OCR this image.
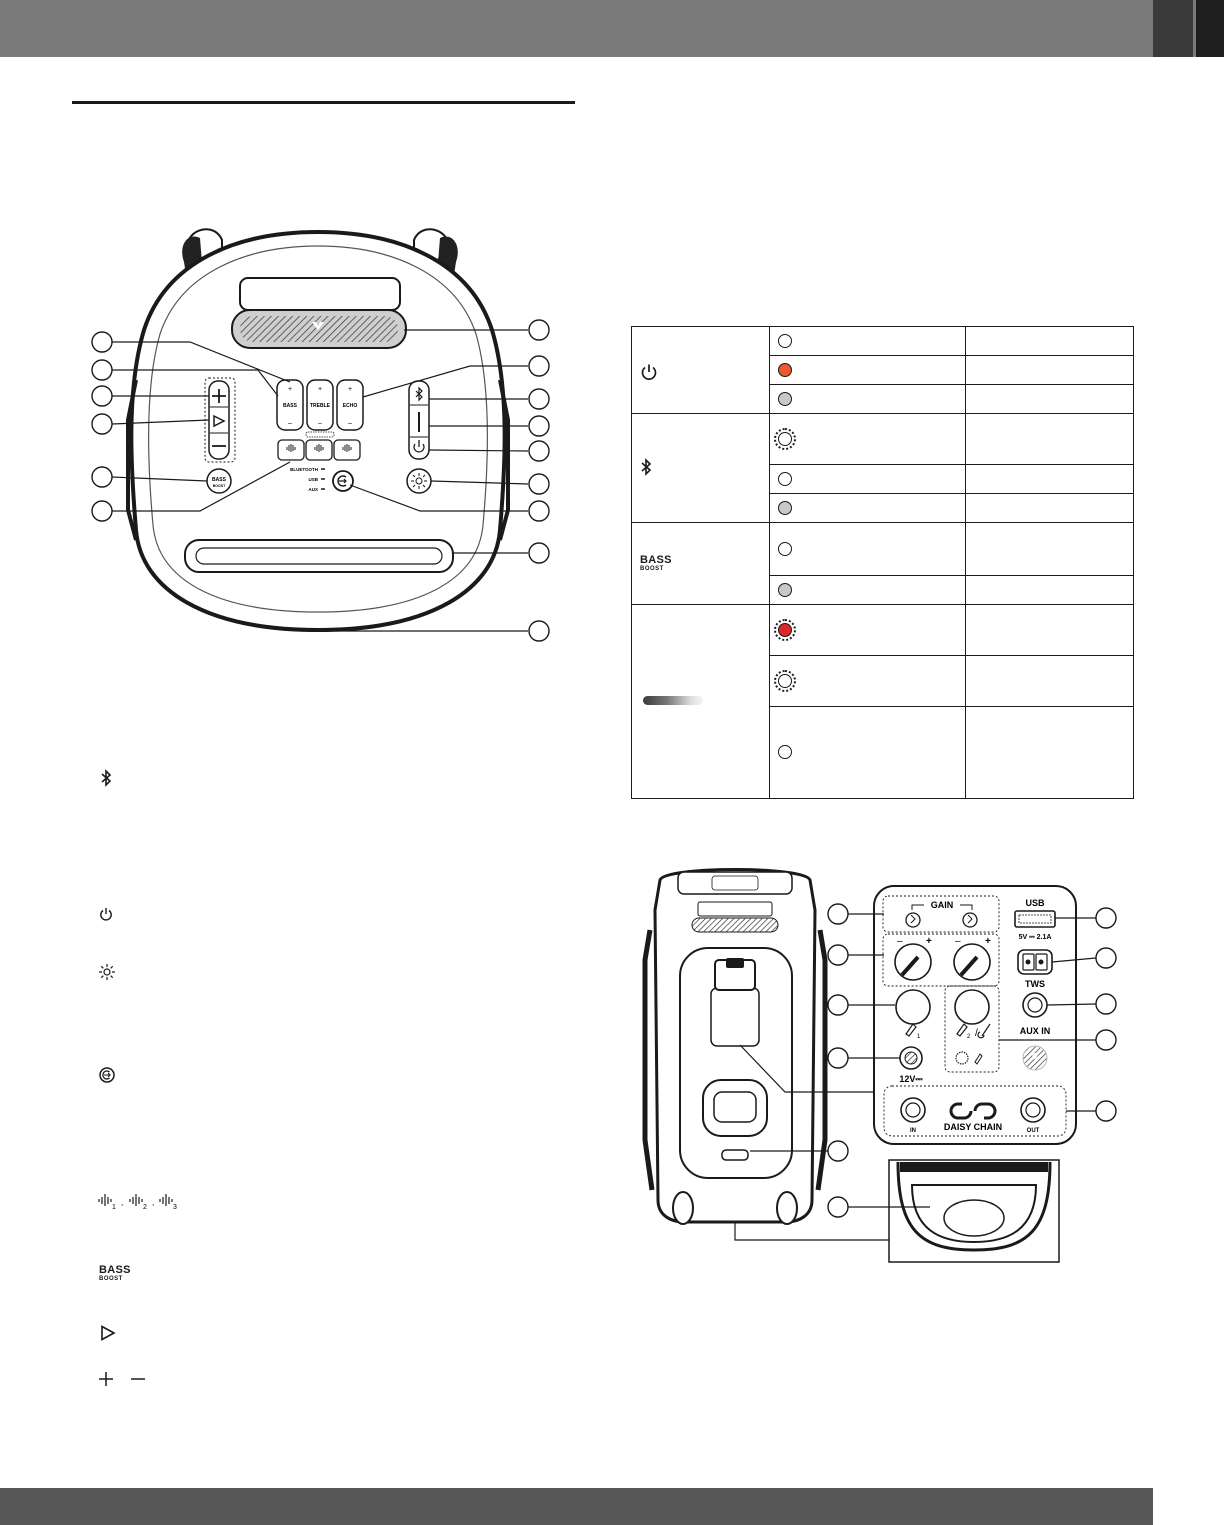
+	+	+
BASS	TREBLE	ECHO
–	–	–
BASS
BOOST
BLUETOOTH
USB
AUX

BASS
BOOST		

GAIN
– + – +
USB
5V ⎓ 2.1A
TWS
AUX IN
1	2 /
12V⎓
IN	OUT
DAISY CHAIN
1
,
2
,
3
BASS
BOOST
